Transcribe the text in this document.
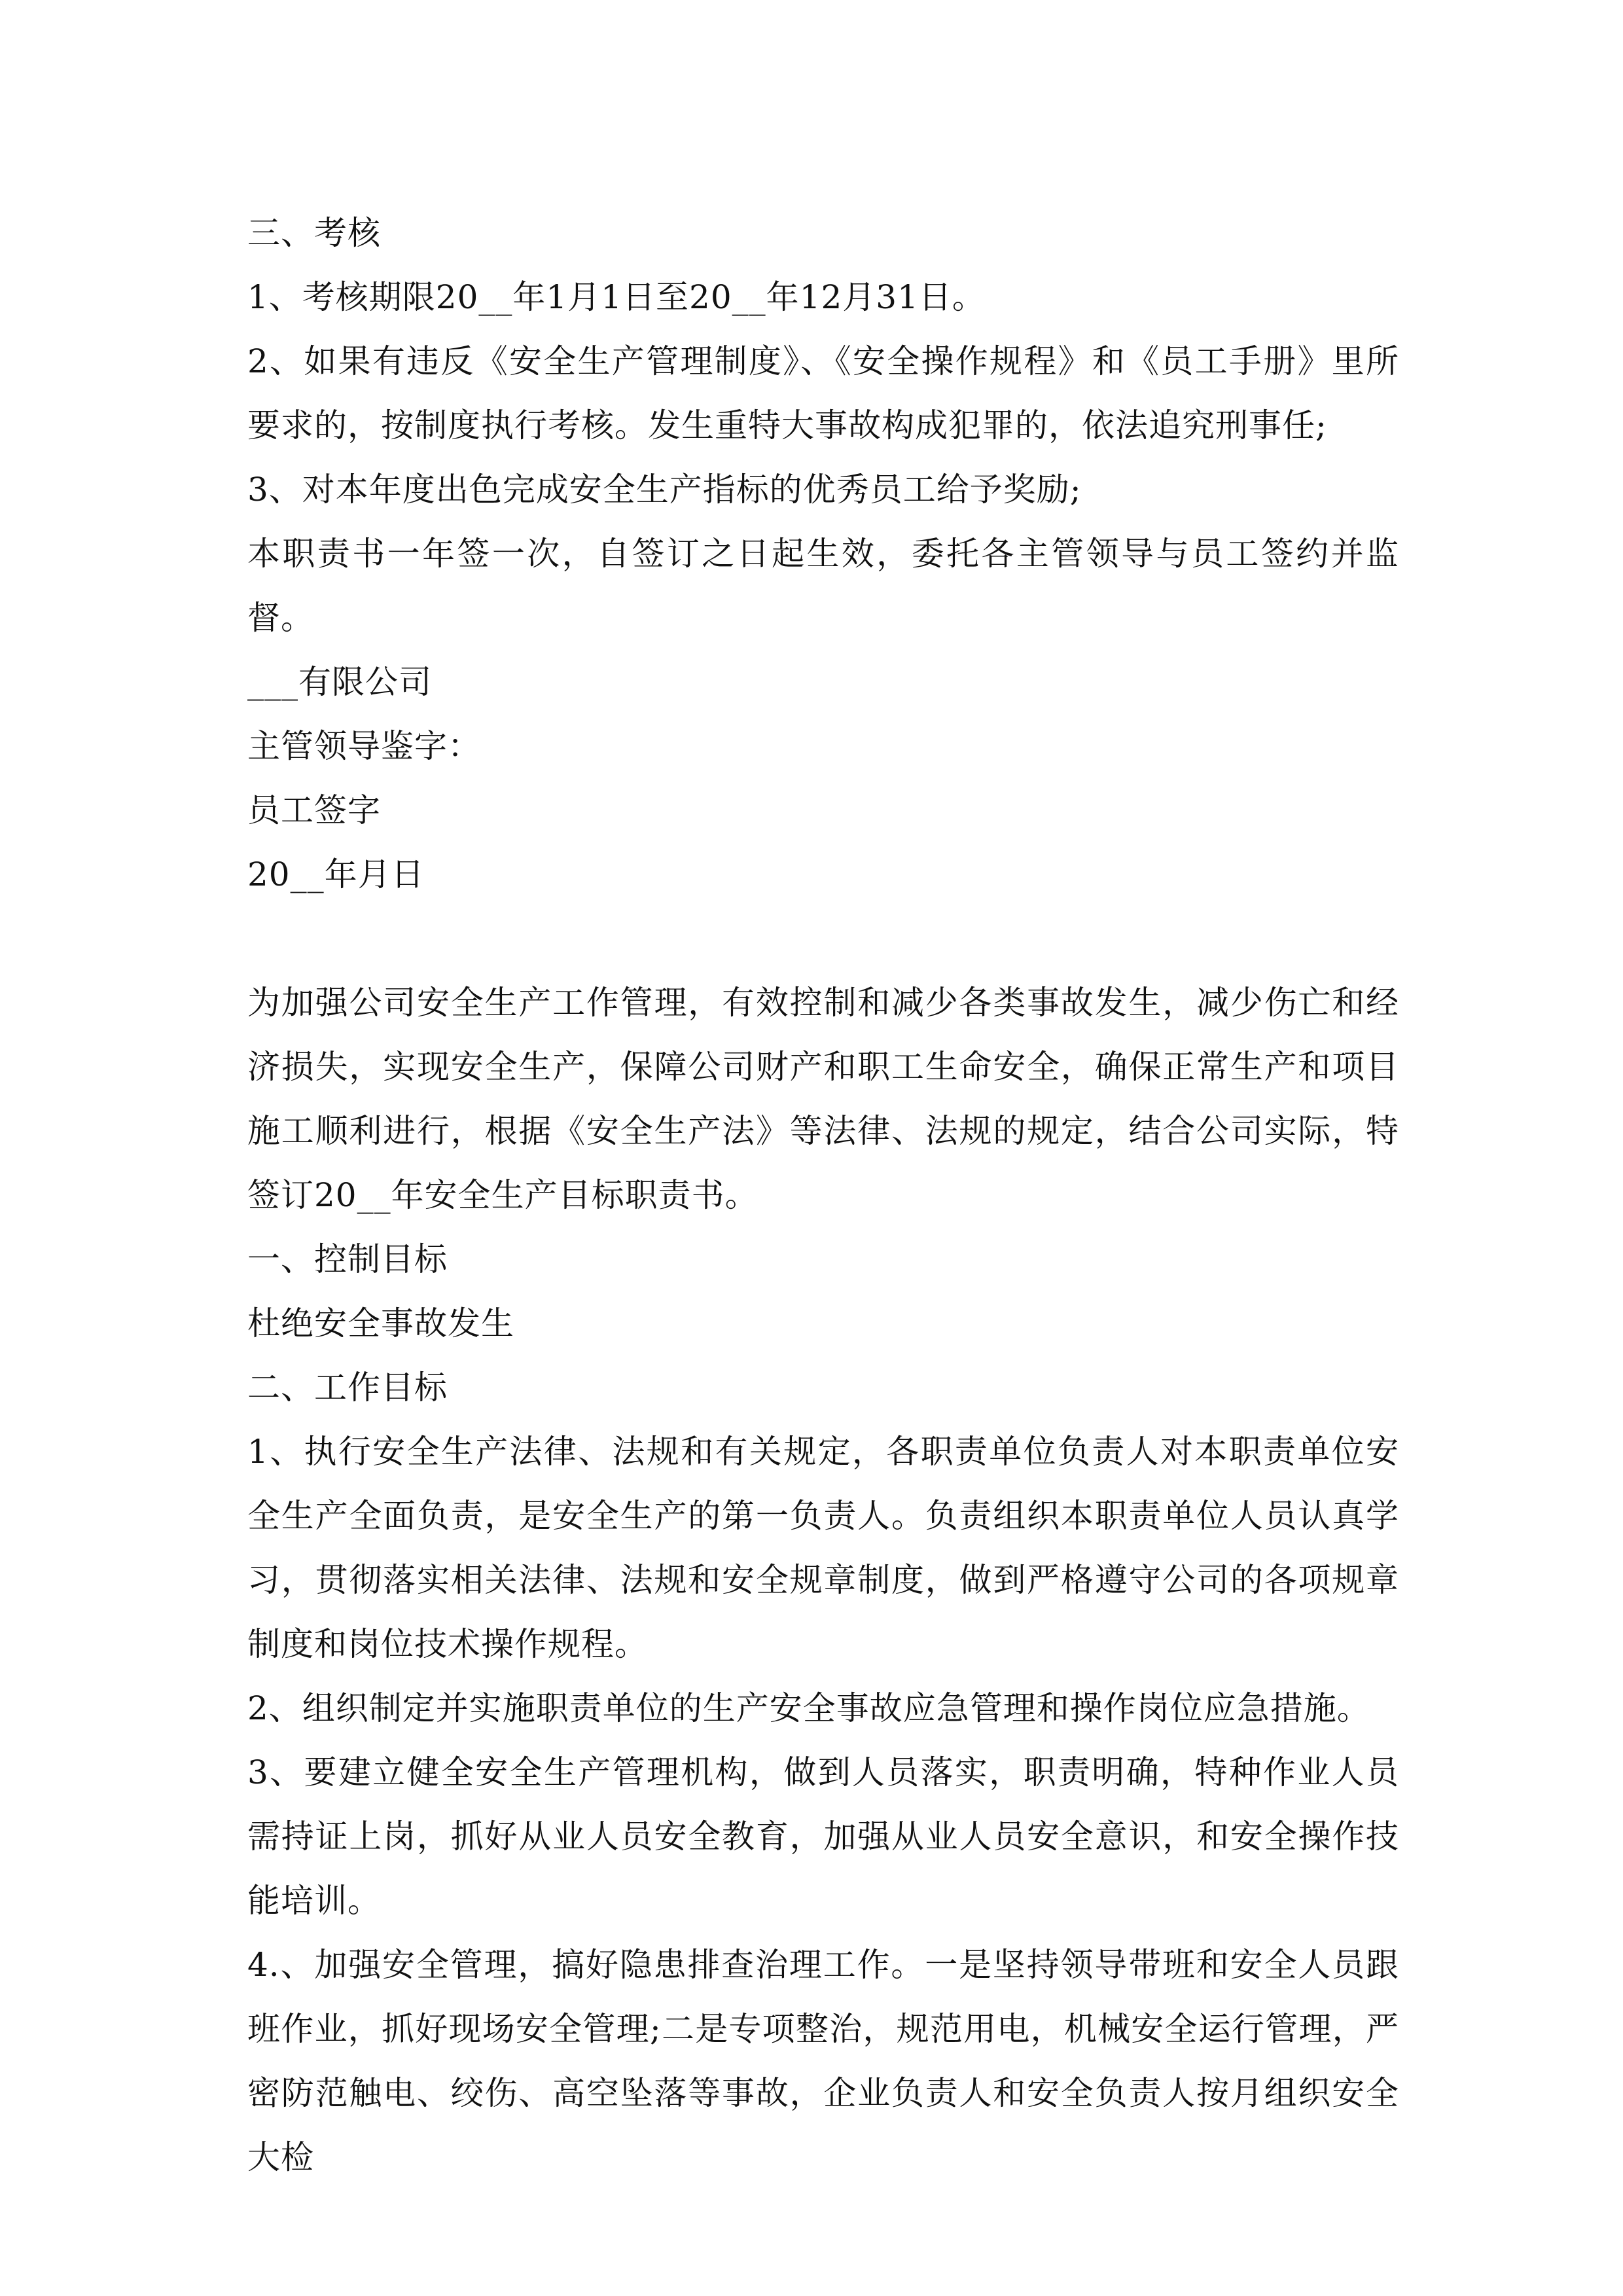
三、考核

1、考核期限20__年1月1日至20__年12月31日。

2、如果有违反《安全生产管理制度》、《安全操作规程》和《员工手册》里所要求的，按制度执行考核。发生重特大事故构成犯罪的，依法追究刑事任;

3、对本年度出色完成安全生产指标的优秀员工给予奖励;

本职责书一年签一次，自签订之日起生效，委托各主管领导与员工签约并监督。

___有限公司

主管领导鉴字：

员工签字

20__年月日

为加强公司安全生产工作管理，有效控制和减少各类事故发生，减少伤亡和经济损失，实现安全生产，保障公司财产和职工生命安全，确保正常生产和项目施工顺利进行，根据《安全生产法》等法律、法规的规定，结合公司实际，特签订20__年安全生产目标职责书。

一、控制目标

杜绝安全事故发生

二、工作目标

1、执行安全生产法律、法规和有关规定，各职责单位负责人对本职责单位安全生产全面负责，是安全生产的第一负责人。负责组织本职责单位人员认真学习，贯彻落实相关法律、法规和安全规章制度，做到严格遵守公司的各项规章制度和岗位技术操作规程。

2、组织制定并实施职责单位的生产安全事故应急管理和操作岗位应急措施。

3、要建立健全安全生产管理机构，做到人员落实，职责明确，特种作业人员需持证上岗，抓好从业人员安全教育，加强从业人员安全意识，和安全操作技能培训。

4.、加强安全管理，搞好隐患排查治理工作。一是坚持领导带班和安全人员跟班作业，抓好现场安全管理;二是专项整治，规范用电，机械安全运行管理，严密防范触电、绞伤、高空坠落等事故，企业负责人和安全负责人按月组织安全大检
